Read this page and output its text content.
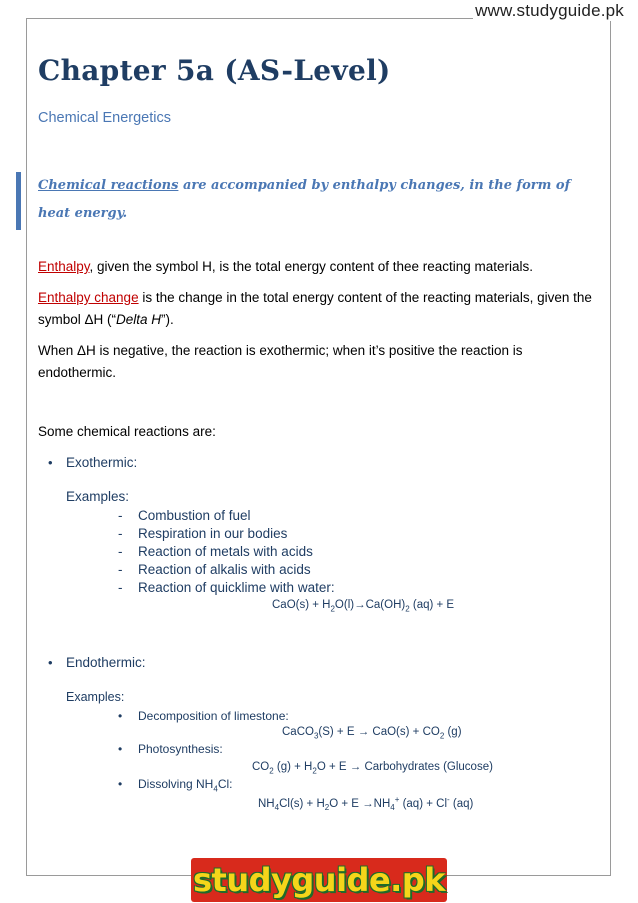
www.studyguide.pk
Chapter 5a (AS-Level)
Chemical Energetics

Chemical reactions are accompanied by enthalpy changes, in the form of heat energy.

Enthalpy, given the symbol H, is the total energy content of thee reacting materials.

Enthalpy change is the change in the total energy content of the reacting materials, given the symbol ΔH (“Delta H”).

When ΔH is negative, the reaction is exothermic; when it’s positive the reaction is endothermic.

Some chemical reactions are:

• Exothermic:
Examples:
- Combustion of fuel
- Respiration in our bodies
- Reaction of metals with acids
- Reaction of alkalis with acids
- Reaction of quicklime with water:
$CaO(s) + H_2O(l)\to Ca(OH)_2$ (aq) + E
• Endothermic:
Examples:
• Decomposition of limestone:
CaCO$_3$(S) + $E \to CaO(s) + CO_2$ (g)
• Photosynthesis:
$CO_2$ $(g) + H_2O + E$ → Carbohydrates (Glucose)
• Dissolving $NH_4Cl$:
$NH_4Cl(s) + H_2O + E \to NH_4^+$ (aq) + Cl- (aq)
studyguide.pk
